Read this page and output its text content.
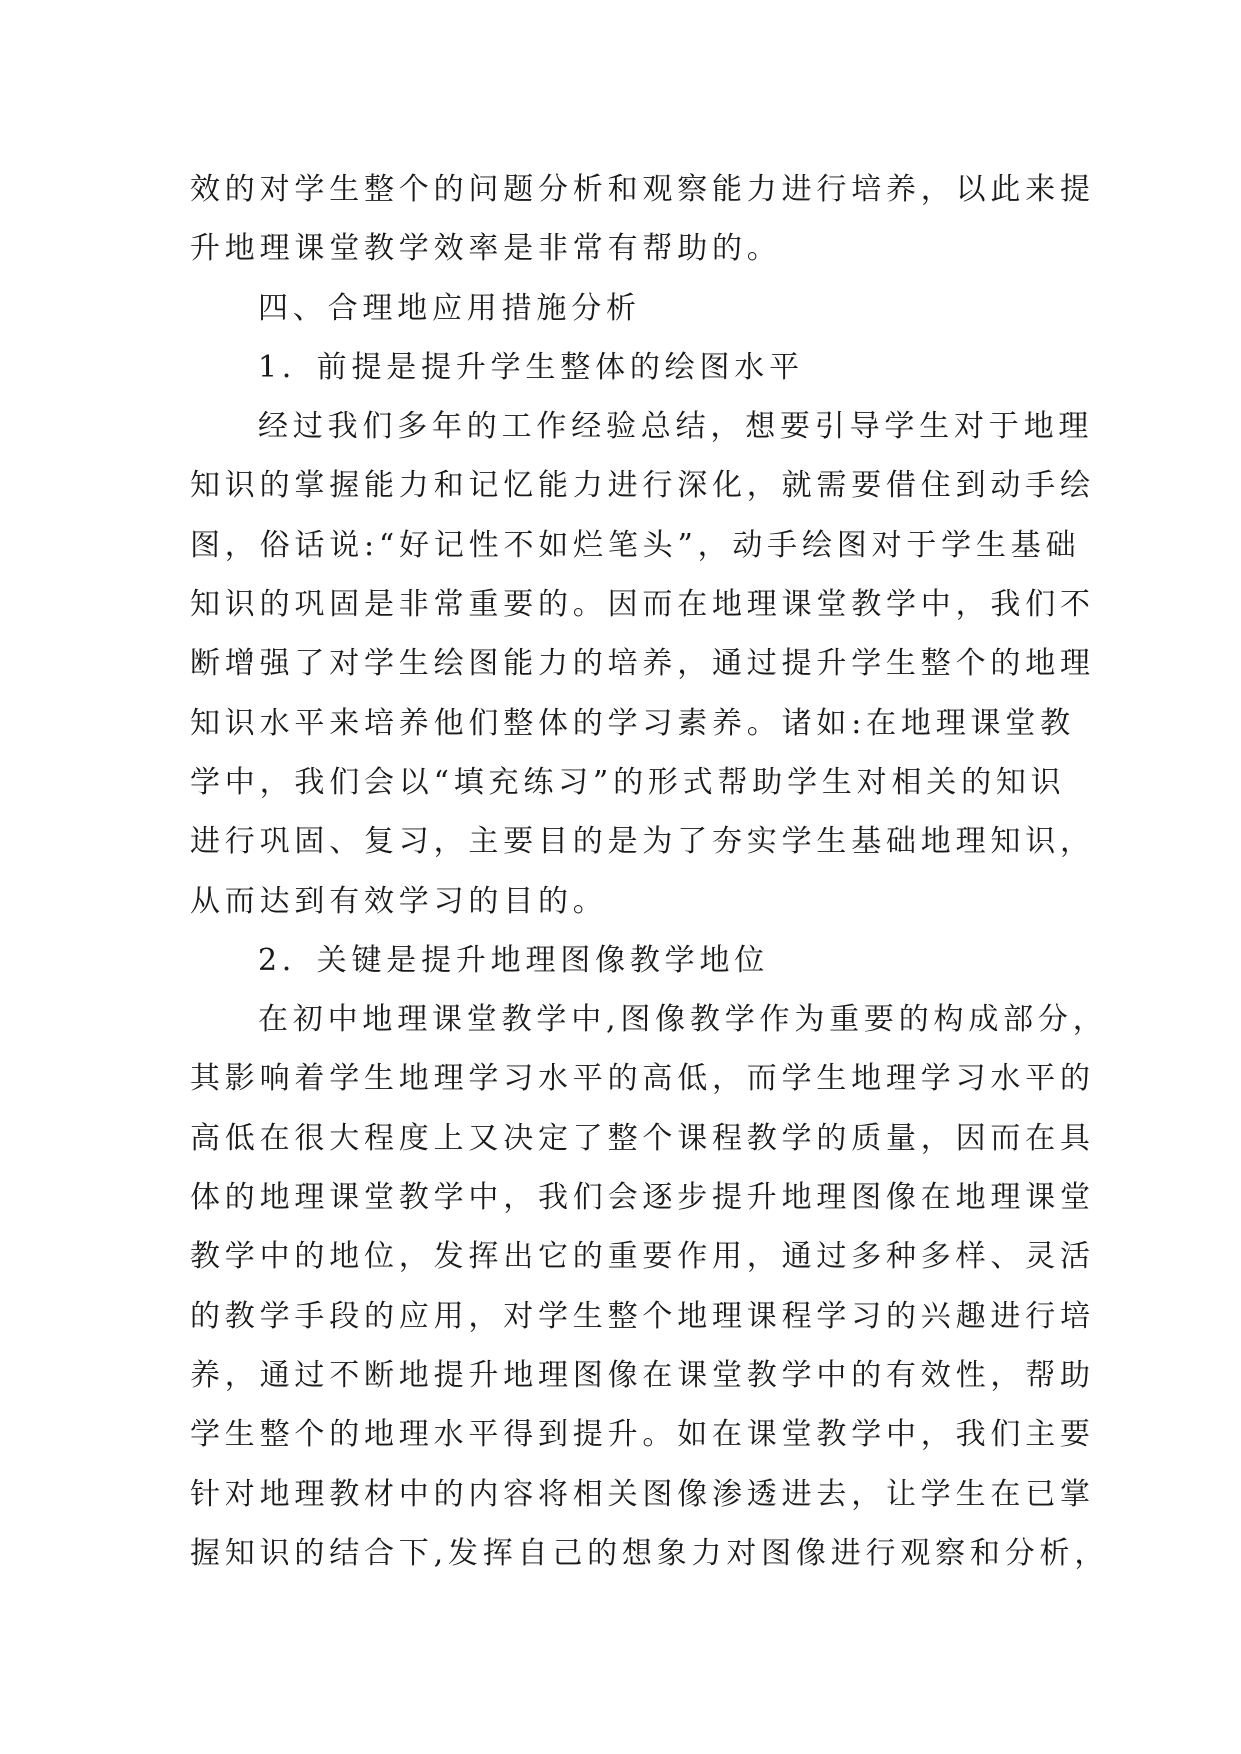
效的对学生整个的问题分析和观察能力进行培养，以此来提
升地理课堂教学效率是非常有帮助的。
四、合理地应用措施分析
1．前提是提升学生整体的绘图水平
经过我们多年的工作经验总结，想要引导学生对于地理
知识的掌握能力和记忆能力进行深化，就需要借住到动手绘
图，俗话说:“好记性不如烂笔头”，动手绘图对于学生基础
知识的巩固是非常重要的。因而在地理课堂教学中，我们不
断增强了对学生绘图能力的培养，通过提升学生整个的地理
知识水平来培养他们整体的学习素养。诸如:在地理课堂教
学中，我们会以“填充练习”的形式帮助学生对相关的知识
进行巩固、复习，主要目的是为了夯实学生基础地理知识，
从而达到有效学习的目的。
2．关键是提升地理图像教学地位
在初中地理课堂教学中,图像教学作为重要的构成部分，
其影响着学生地理学习水平的高低，而学生地理学习水平的
高低在很大程度上又决定了整个课程教学的质量，因而在具
体的地理课堂教学中，我们会逐步提升地理图像在地理课堂
教学中的地位，发挥出它的重要作用，通过多种多样、灵活
的教学手段的应用，对学生整个地理课程学习的兴趣进行培
养，通过不断地提升地理图像在课堂教学中的有效性，帮助
学生整个的地理水平得到提升。如在课堂教学中，我们主要
针对地理教材中的内容将相关图像渗透进去，让学生在已掌
握知识的结合下,发挥自己的想象力对图像进行观察和分析，
